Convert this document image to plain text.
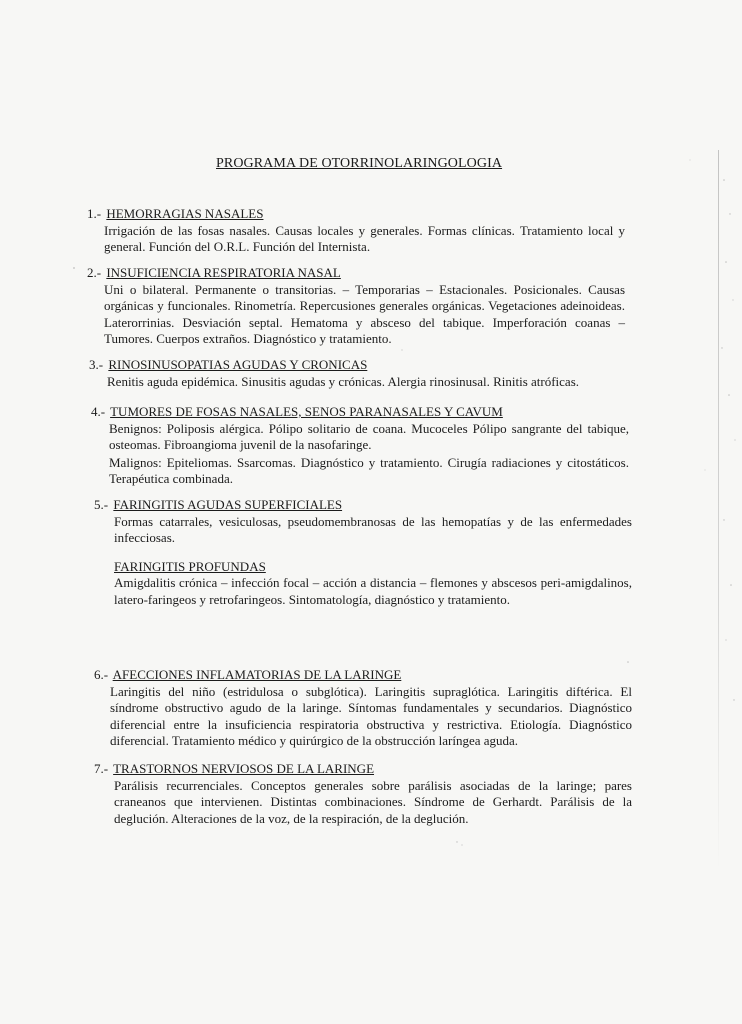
PROGRAMA DE OTORRINOLARINGOLOGIA
1.- HEMORRAGIAS NASALES
Irrigación de las fosas nasales. Causas locales y generales. Formas clínicas. Tratamiento local y general. Función del O.R.L. Función del Internista.
2.- INSUFICIENCIA RESPIRATORIA NASAL
Uni o bilateral. Permanente o transitorias. – Temporarias – Estacionales. Posicionales. Causas orgánicas y funcionales. Rinometría. Repercusiones generales orgánicas. Vegetaciones adeinoideas. Laterorrinias. Desviación septal. Hematoma y absceso del tabique. Imperforación coanas – Tumores. Cuerpos extraños. Diagnóstico y tratamiento.
3.- RINOSINUSOPATIAS AGUDAS Y CRONICAS
Renitis aguda epidémica. Sinusitis agudas y crónicas. Alergia rinosinusal. Rinitis atróficas.
4.- TUMORES DE FOSAS NASALES, SENOS PARANASALES Y CAVUM
Benignos: Poliposis alérgica. Pólipo solitario de coana. Mucoceles Pólipo sangrante del tabique, osteomas. Fibroangioma juvenil de la nasofaringe.
Malignos: Epiteliomas. Ssarcomas. Diagnóstico y tratamiento. Cirugía radiaciones y citostáticos. Terapéutica combinada.
5.- FARINGITIS AGUDAS SUPERFICIALES
Formas catarrales, vesiculosas, pseudomembranosas de las hemopatías y de las enfermedades infecciosas.
FARINGITIS PROFUNDAS
Amigdalitis crónica – infección focal – acción a distancia – flemones y abscesos peri-amigdalinos, latero-faringeos y retrofaringeos. Sintomatología, diagnóstico y tratamiento.
6.- AFECCIONES INFLAMATORIAS DE LA LARINGE
Laringitis del niño (estridulosa o subglótica). Laringitis supraglótica. Laringitis diftérica. El síndrome obstructivo agudo de la laringe. Síntomas fundamentales y secundarios. Diagnóstico diferencial entre la insuficiencia respiratoria obstructiva y restrictiva. Etiología. Diagnóstico diferencial. Tratamiento médico y quirúrgico de la obstrucción laríngea aguda.
7.- TRASTORNOS NERVIOSOS DE LA LARINGE
Parálisis recurrenciales. Conceptos generales sobre parálisis asociadas de la laringe; pares craneanos que intervienen. Distintas combinaciones. Síndrome de Gerhardt. Parálisis de la deglución. Alteraciones de la voz, de la respiración, de la deglución.
